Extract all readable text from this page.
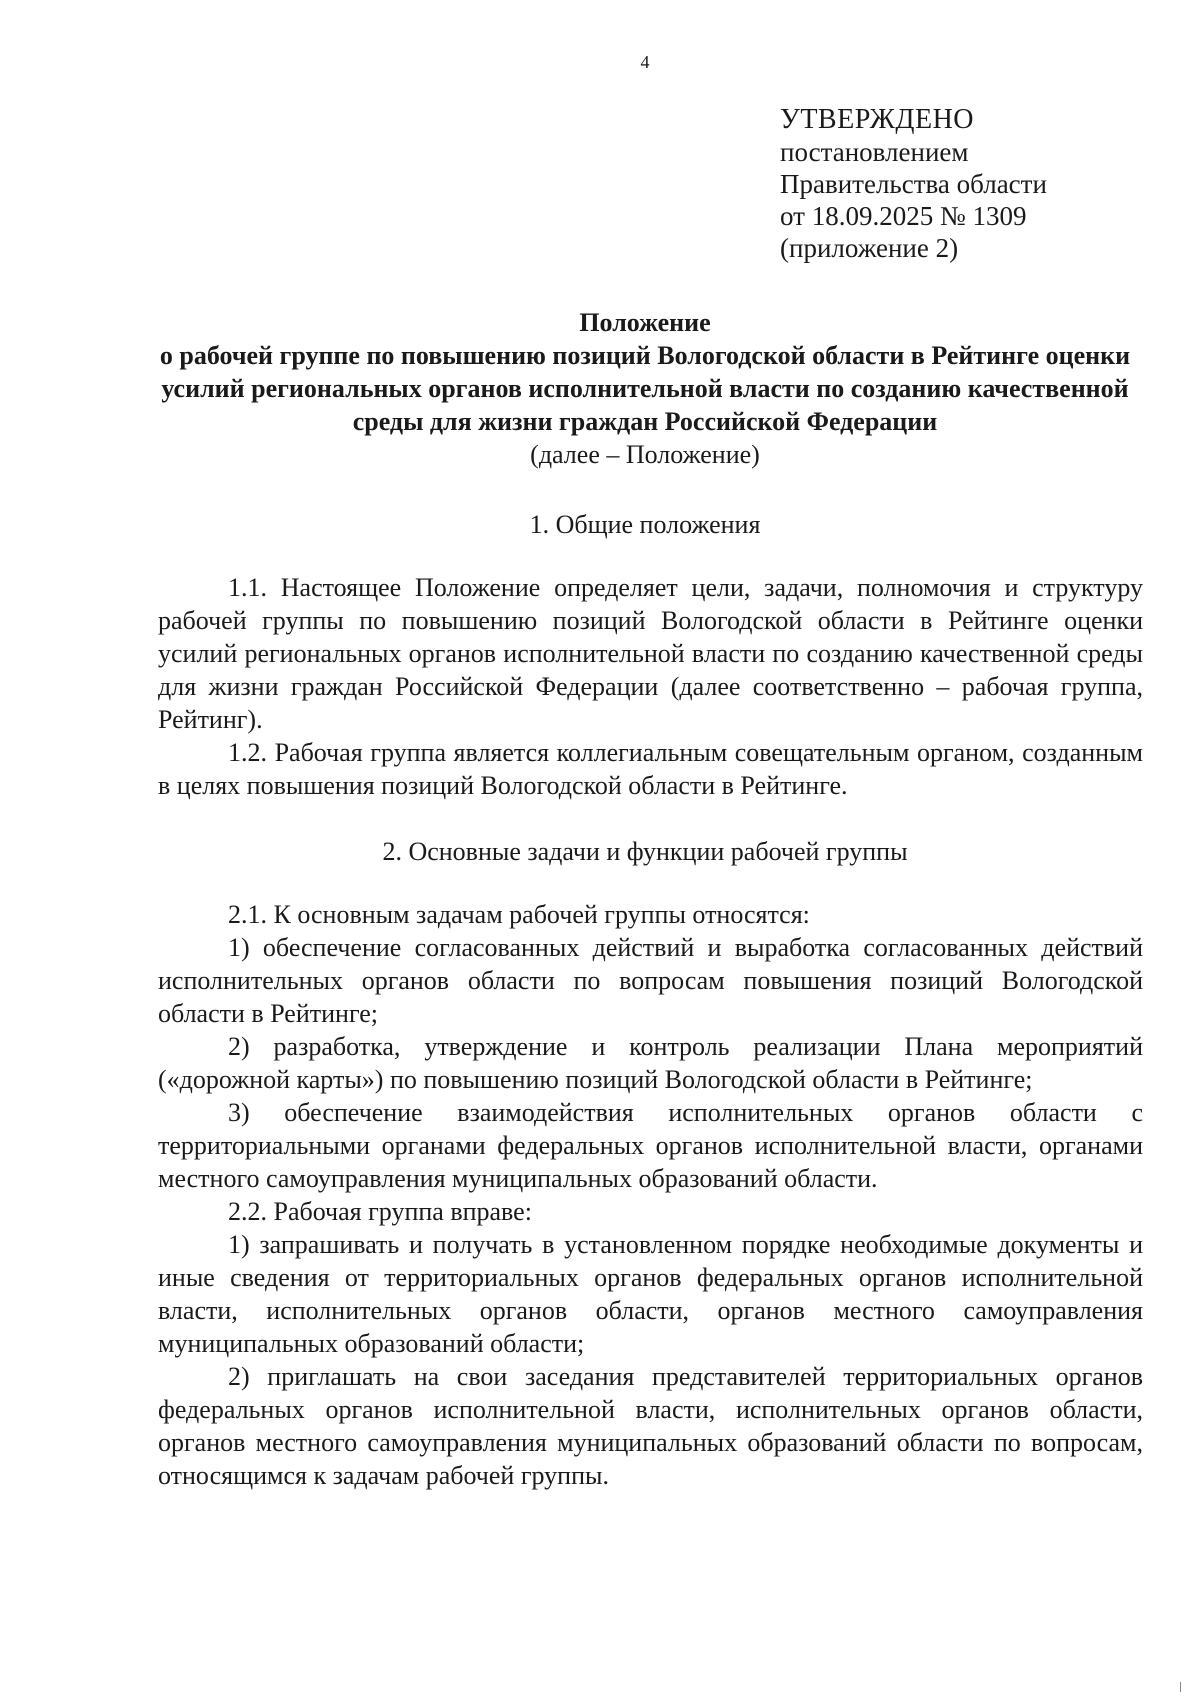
4
УТВЕРЖДЕНО
постановлением
Правительства области
от 18.09.2025 № 1309
(приложение 2)
Положение
о рабочей группе по повышению позиций Вологодской области в Рейтинге оценки усилий региональных органов исполнительной власти по созданию качественной среды для жизни граждан Российской Федерации
(далее – Положение)
1. Общие положения

1.1. Настоящее Положение определяет цели, задачи, полномочия и структуру рабочей группы по повышению позиций Вологодской области в Рейтинге оценки усилий региональных органов исполнительной власти по созданию качественной среды для жизни граждан Российской Федерации (далее соответственно – рабочая группа, Рейтинг).

1.2. Рабочая группа является коллегиальным совещательным органом, созданным в целях повышения позиций Вологодской области в Рейтинге.

2. Основные задачи и функции рабочей группы

2.1. К основным задачам рабочей группы относятся:

1) обеспечение согласованных действий и выработка согласованных действий исполнительных органов области по вопросам повышения позиций Вологодской области в Рейтинге;

2) разработка, утверждение и контроль реализации Плана мероприятий («дорожной карты») по повышению позиций Вологодской области в Рейтинге;

3) обеспечение взаимодействия исполнительных органов области с территориальными органами федеральных органов исполнительной власти, органами местного самоуправления муниципальных образований области.

2.2. Рабочая группа вправе:

1) запрашивать и получать в установленном порядке необходимые документы и иные сведения от территориальных органов федеральных органов исполнительной власти, исполнительных органов области, органов местного самоуправления муниципальных образований области;

2) приглашать на свои заседания представителей территориальных органов федеральных органов исполнительной власти, исполнительных органов области, органов местного самоуправления муниципальных образований области по вопросам, относящимся к задачам рабочей группы.
